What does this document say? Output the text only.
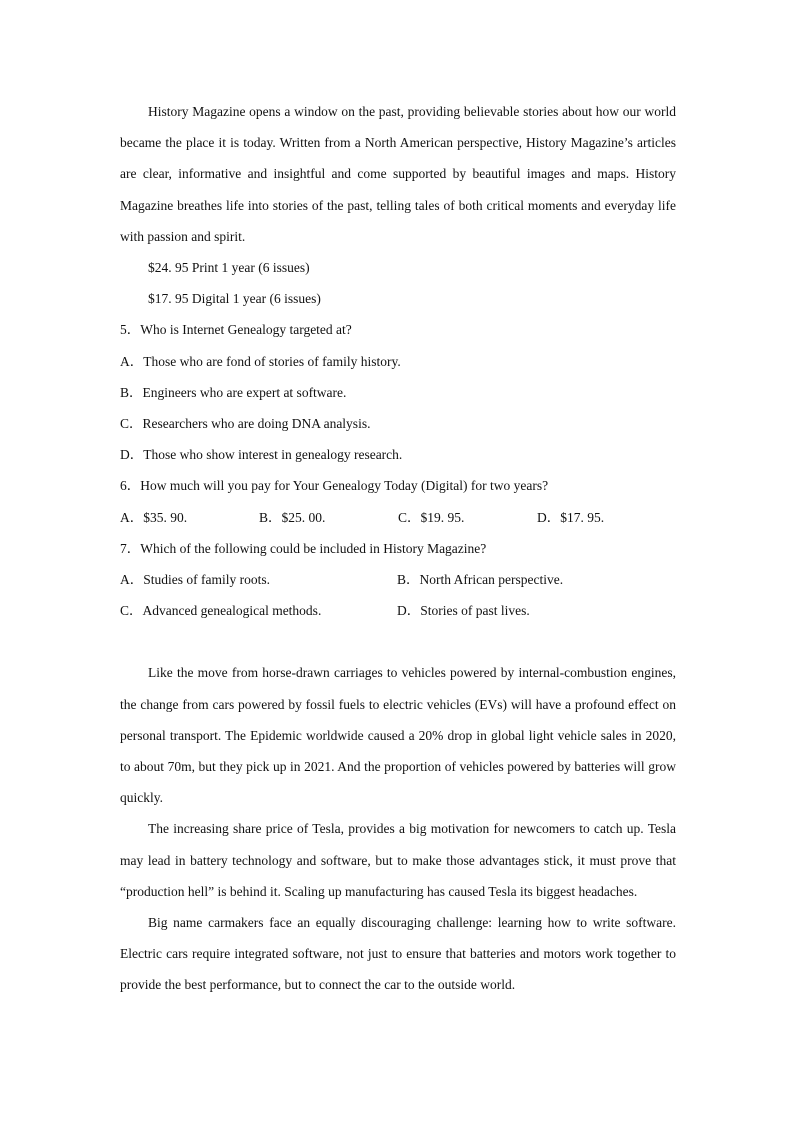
History Magazine opens a window on the past, providing believable stories about how our world became the place it is today. Written from a North American perspective, History Magazine’s articles are clear, informative and insightful and come supported by beautiful images and maps. History Magazine breathes life into stories of the past, telling tales of both critical moments and everyday life with passion and spirit.

$24. 95 Print 1 year (6 issues)

$17. 95 Digital 1 year (6 issues)

5．Who is Internet Genealogy targeted at?

A．Those who are fond of stories of family history.

B．Engineers who are expert at software.

C．Researchers who are doing DNA analysis.

D．Those who show interest in genealogy research.

6．How much will you pay for Your Genealogy Today (Digital) for two years?

A．$35. 90.	B．$25. 00.	C．$19. 95.	D．$17. 95.

7．Which of the following could be included in History Magazine?

A．Studies of family roots.	B．North African perspective.
C．Advanced genealogical methods.	D．Stories of past lives.

Like the move from horse-drawn carriages to vehicles powered by internal-combustion engines, the change from cars powered by fossil fuels to electric vehicles (EVs) will have a profound effect on personal transport. The Epidemic worldwide caused a 20% drop in global light vehicle sales in 2020, to about 70m, but they pick up in 2021. And the proportion of vehicles powered by batteries will grow quickly.

The increasing share price of Tesla, provides a big motivation for newcomers to catch up. Tesla may lead in battery technology and software, but to make those advantages stick, it must prove that “production hell” is behind it. Scaling up manufacturing has caused Tesla its biggest headaches.

Big name carmakers face an equally discouraging challenge: learning how to write software. Electric cars require integrated software, not just to ensure that batteries and motors work together to provide the best performance, but to connect the car to the outside world.
